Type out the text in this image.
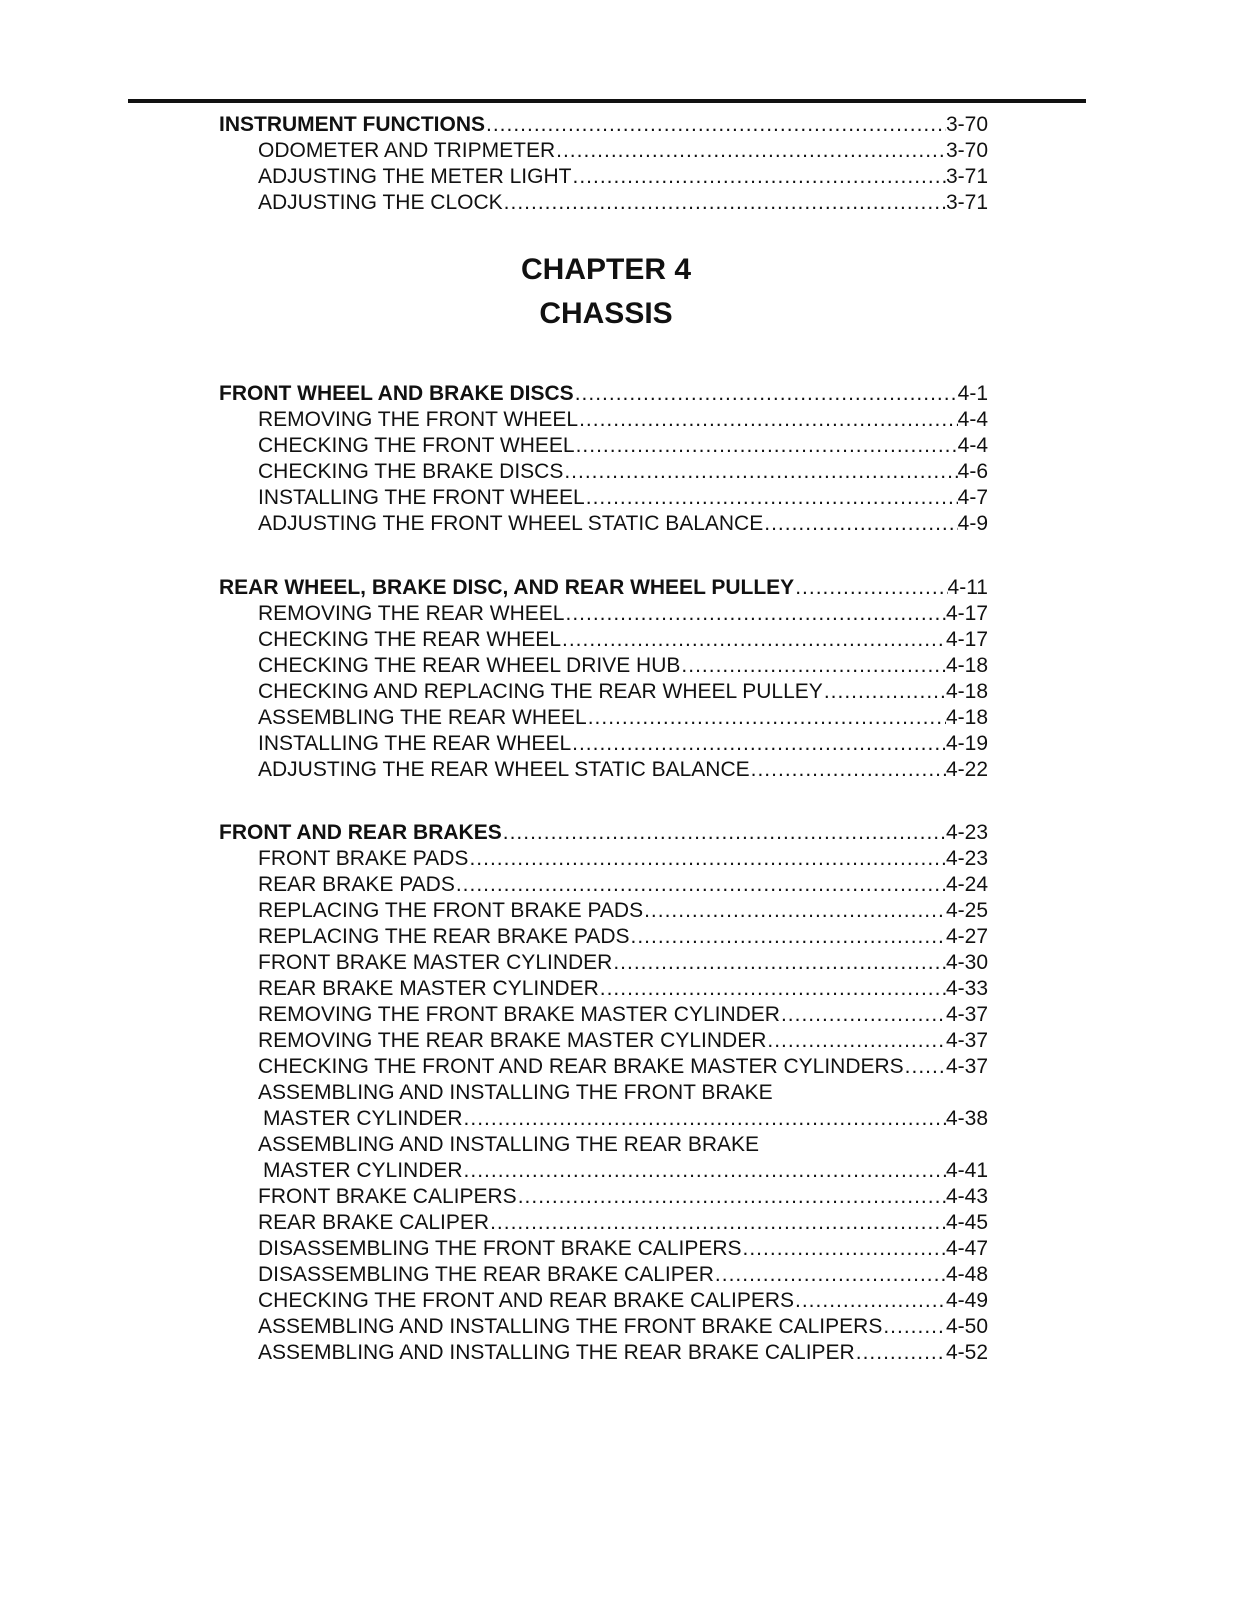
INSTRUMENT FUNCTIONS .....	3-70
ODOMETER AND TRIPMETER .....	3-70
ADJUSTING THE METER LIGHT .....	3-71
ADJUSTING THE CLOCK .....	3-71
CHAPTER 4
CHASSIS
FRONT WHEEL AND BRAKE DISCS .....	4-1
REMOVING THE FRONT WHEEL .....	4-4
CHECKING THE FRONT WHEEL .....	4-4
CHECKING THE BRAKE DISCS .....	4-6
INSTALLING THE FRONT WHEEL .....	4-7
ADJUSTING THE FRONT WHEEL STATIC BALANCE .....	4-9
REAR WHEEL, BRAKE DISC, AND REAR WHEEL PULLEY .....	4-11
REMOVING THE REAR WHEEL .....	4-17
CHECKING THE REAR WHEEL .....	4-17
CHECKING THE REAR WHEEL DRIVE HUB .....	4-18
CHECKING AND REPLACING THE REAR WHEEL PULLEY .....	4-18
ASSEMBLING THE REAR WHEEL .....	4-18
INSTALLING THE REAR WHEEL .....	4-19
ADJUSTING THE REAR WHEEL STATIC BALANCE .....	4-22
FRONT AND REAR BRAKES .....	4-23
FRONT BRAKE PADS .....	4-23
REAR BRAKE PADS .....	4-24
REPLACING THE FRONT BRAKE PADS .....	4-25
REPLACING THE REAR BRAKE PADS .....	4-27
FRONT BRAKE MASTER CYLINDER .....	4-30
REAR BRAKE MASTER CYLINDER .....	4-33
REMOVING THE FRONT BRAKE MASTER CYLINDER .....	4-37
REMOVING THE REAR BRAKE MASTER CYLINDER .....	4-37
CHECKING THE FRONT AND REAR BRAKE MASTER CYLINDERS ..... 4-37
ASSEMBLING AND INSTALLING THE FRONT BRAKE
MASTER CYLINDER .....	4-38
ASSEMBLING AND INSTALLING THE REAR BRAKE
MASTER CYLINDER .....	4-41
FRONT BRAKE CALIPERS .....	4-43
REAR BRAKE CALIPER .....	4-45
DISASSEMBLING THE FRONT BRAKE CALIPERS .....	4-47
DISASSEMBLING THE REAR BRAKE CALIPER .....	4-48
CHECKING THE FRONT AND REAR BRAKE CALIPERS .....	4-49
ASSEMBLING AND INSTALLING THE FRONT BRAKE CALIPERS .....	4-50
ASSEMBLING AND INSTALLING THE REAR BRAKE CALIPER .....	4-52
